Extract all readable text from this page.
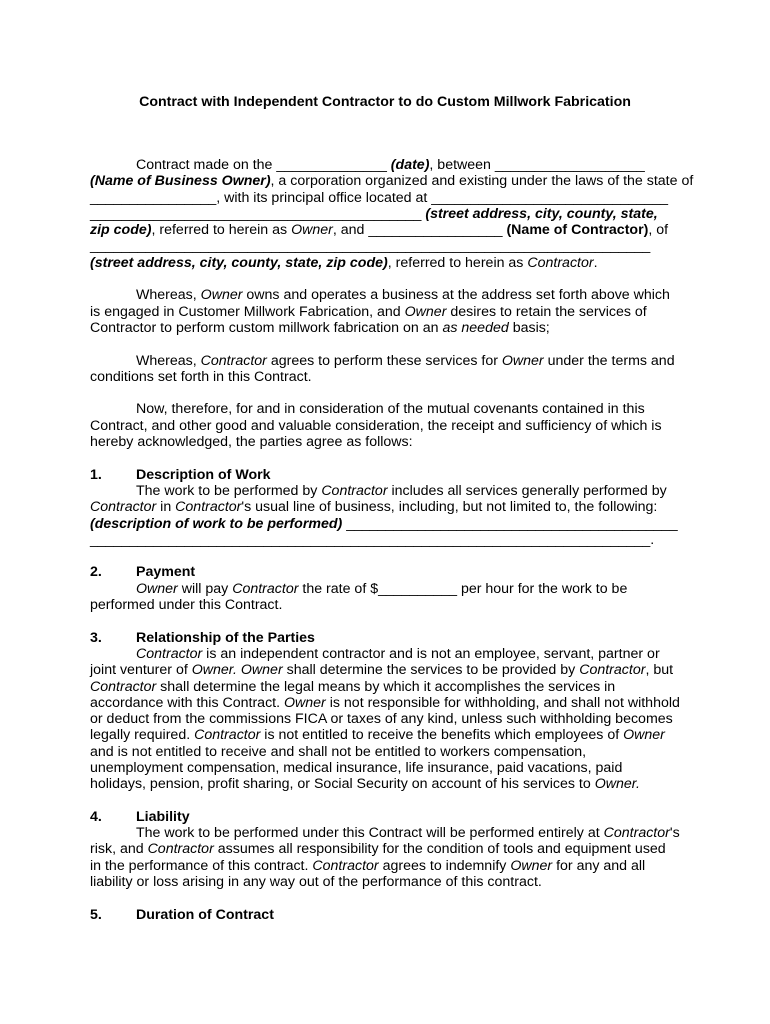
Contract with Independent Contractor to do Custom Millwork Fabrication
Contract made on the ______________ (date), between ___________________
(Name of Business Owner), a corporation organized and existing under the laws of the state of
________________, with its principal office located at ______________________________
__________________________________________ (street address, city, county, state,
zip code), referred to herein as Owner, and _________________ (Name of Contractor), of
_______________________________________________________________________
(street address, city, county, state, zip code), referred to herein as Contractor.

Whereas, Owner owns and operates a business at the address set forth above which is engaged in Customer Millwork Fabrication, and Owner desires to retain the services of Contractor to perform custom millwork fabrication on an as needed basis;

Whereas, Contractor agrees to perform these services for Owner under the terms and conditions set forth in this Contract.

Now, therefore, for and in consideration of the mutual covenants contained in this Contract, and other good and valuable consideration, the receipt and sufficiency of which is hereby acknowledged, the parties agree as follows:

1. Description of Work

The work to be performed by Contractor includes all services generally performed by Contractor in Contractor's usual line of business, including, but not limited to, the following:

(description of work to be performed) __________________________________________
_______________________________________________________________________.
2. Payment

Owner will pay Contractor the rate of $__________ per hour for the work to be performed under this Contract.

3. Relationship of the Parties

Contractor is an independent contractor and is not an employee, servant, partner or joint venturer of Owner. Owner shall determine the services to be provided by Contractor, but Contractor shall determine the legal means by which it accomplishes the services in accordance with this Contract. Owner is not responsible for withholding, and shall not withhold or deduct from the commissions FICA or taxes of any kind, unless such withholding becomes legally required. Contractor is not entitled to receive the benefits which employees of Owner and is not entitled to receive and shall not be entitled to workers compensation, unemployment compensation, medical insurance, life insurance, paid vacations, paid holidays, pension, profit sharing, or Social Security on account of his services to Owner.

4. Liability

The work to be performed under this Contract will be performed entirely at Contractor's risk, and Contractor assumes all responsibility for the condition of tools and equipment used in the performance of this contract. Contractor agrees to indemnify Owner for any and all liability or loss arising in any way out of the performance of this contract.

5. Duration of Contract
